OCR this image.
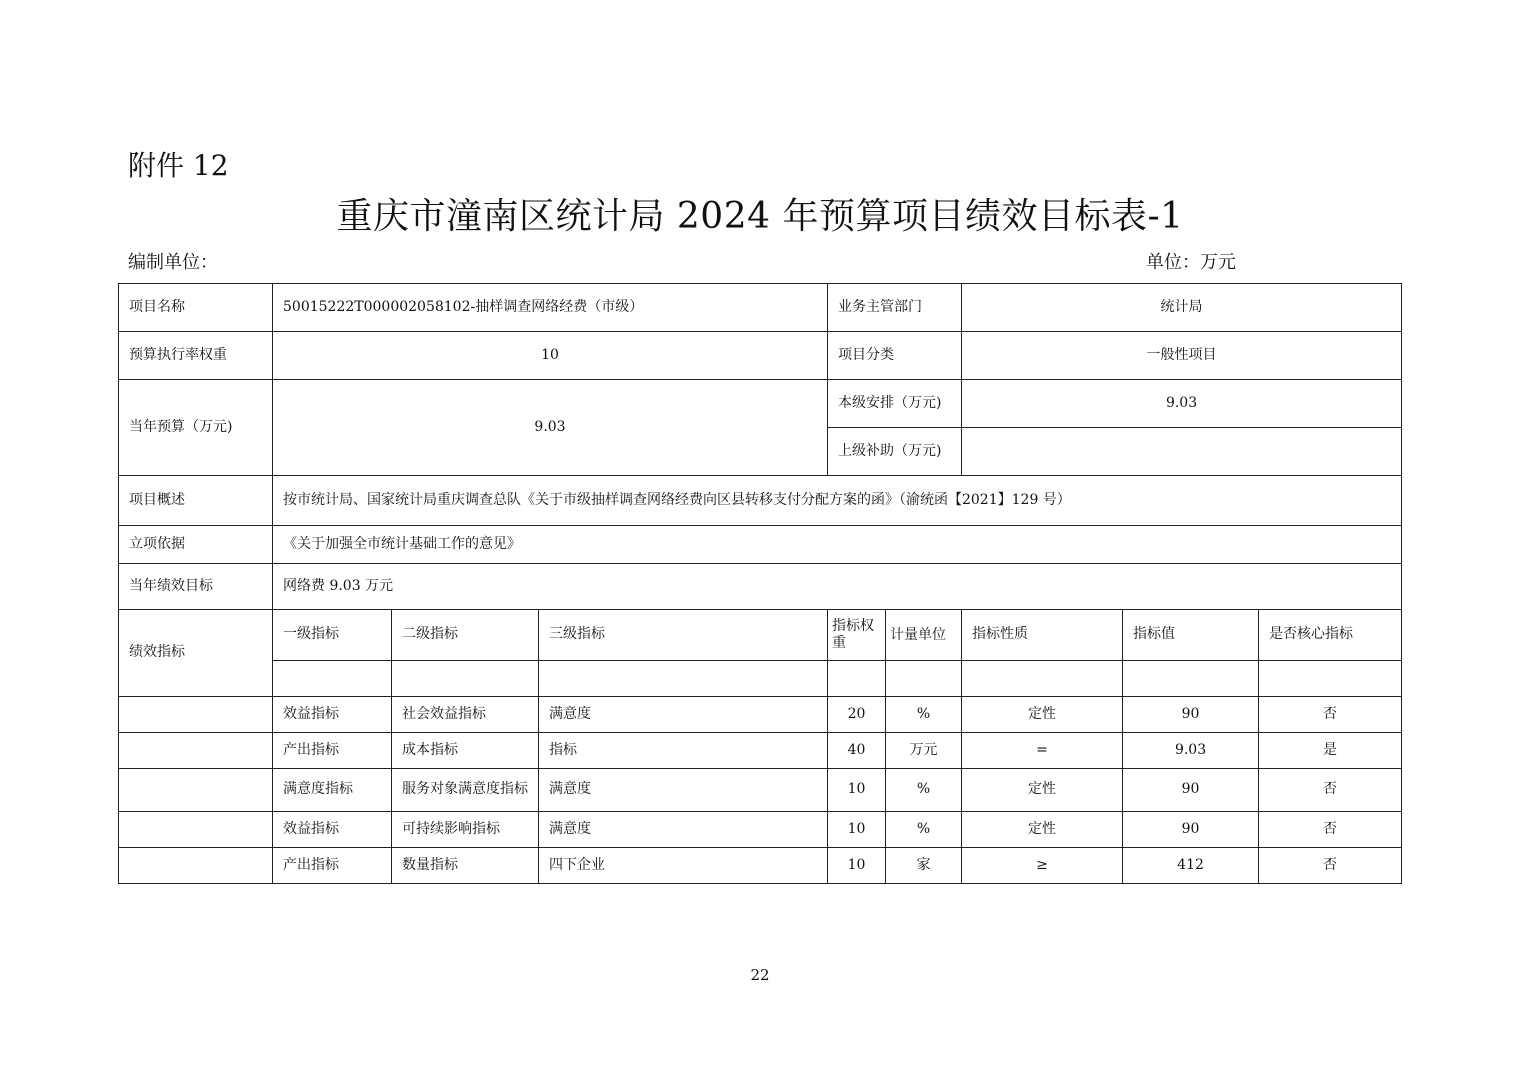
附件 12
重庆市潼南区统计局 2024 年预算项目绩效目标表-1
编制单位：	单位：万元
项目名称	50015222T000002058102-抽样调查网络经费（市级）			业务主管部门		统计局		
预算执行率权重	10			项目分类		一般性项目		
当年预算（万元)	9.03			本级安排（万元)		9.03		
				上级补助（万元)				
项目概述	按市统计局、国家统计局重庆调查总队《关于市级抽样调查网络经费向区县转移支付分配方案的函》（渝统函【2021】129 号）							
立项依据	《关于加强全市统计基础工作的意见》							
当年绩效目标	网络费 9.03 万元							
绩效指标	一级指标	二级指标	三级指标	指标权重	计量单位	指标性质	指标值	是否核心指标

	效益指标	社会效益指标	满意度	20	%	定性	90	否
	产出指标	成本指标	指标	40	万元	=	9.03	是
	满意度指标	服务对象满意度指标	满意度	10	%	定性	90	否
	效益指标	可持续影响指标	满意度	10	%	定性	90	否
	产出指标	数量指标	四下企业	10	家	≥	412	否
22
